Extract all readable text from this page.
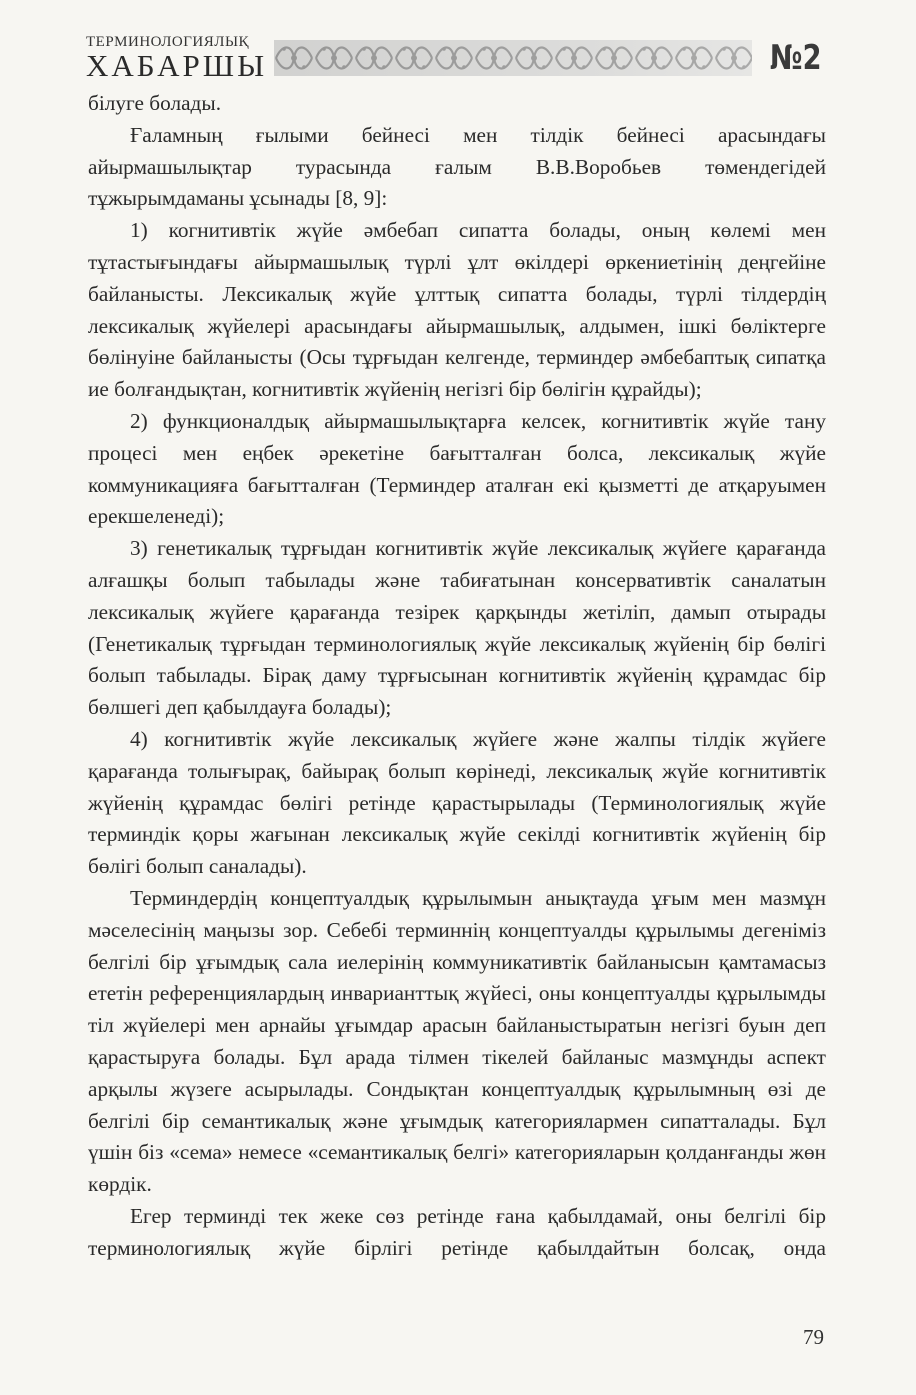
ТЕРМИНОЛОГИЯЛЫҚ
ХАБАРШЫ	№2

білуге болады.

Ғаламның ғылыми бейнесі мен тілдік бейнесі арасындағы айырмашылықтар турасында ғалым В.В.Воробьев төмендегідей тұжырымдаманы ұсынады [8, 9]:

1) когнитивтік жүйе әмбебап сипатта болады, оның көлемі мен тұтастығындағы айырмашылық түрлі ұлт өкілдері өркениетінің деңгейіне байланысты. Лексикалық жүйе ұлттық сипатта болады, түрлі тілдердің лексикалық жүйелері арасындағы айырмашылық, алдымен, ішкі бөліктерге бөлінуіне байланысты (Осы тұрғыдан келгенде, терминдер әмбебаптық сипатқа ие болғандықтан, когнитивтік жүйенің негізгі бір бөлігін құрайды);

2) функционалдық айырмашылықтарға келсек, когнитивтік жүйе тану процесі мен еңбек әрекетіне бағытталған болса, лексикалық жүйе коммуникацияға бағытталған (Терминдер аталған екі қызметті де атқаруымен ерекшеленеді);

3) генетикалық тұрғыдан когнитивтік жүйе лексикалық жүйеге қарағанда алғашқы болып табылады және табиғатынан консервативтік саналатын лексикалық жүйеге қарағанда тезірек қарқынды жетіліп, дамып отырады (Генетикалық тұрғыдан терминологиялық жүйе лексикалық жүйенің бір бөлігі болып табылады. Бірақ даму тұрғысынан когнитивтік жүйенің құрамдас бір бөлшегі деп қабылдауға болады);

4) когнитивтік жүйе лексикалық жүйеге және жалпы тілдік жүйеге қарағанда толығырақ, байырақ болып көрінеді, лексикалық жүйе когнитивтік жүйенің құрамдас бөлігі ретінде қарастырылады (Терминологиялық жүйе терминдік қоры жағынан лексикалық жүйе секілді когнитивтік жүйенің бір бөлігі болып саналады).

Терминдердің концептуалдық құрылымын анықтауда ұғым мен мазмұн мәселесінің маңызы зор. Себебі терминнің концептуалды құрылымы дегеніміз белгілі бір ұғымдық сала иелерінің коммуникативтік байланысын қамтамасыз ететін референциялардың инварианттық жүйесі, оны концептуалды құрылымды тіл жүйелері мен арнайы ұғымдар арасын байланыстыратын негізгі буын деп қарастыруға болады. Бұл арада тілмен тікелей байланыс мазмұнды аспект арқылы жүзеге асырылады. Сондықтан концептуалдық құрылымның өзі де белгілі бір семантикалық және ұғымдық категориялармен сипатталады. Бұл үшін біз «сема» немесе «семантикалық белгі» категорияларын қолданғанды жөн көрдік.

Егер терминді тек жеке сөз ретінде ғана қабылдамай, оны белгілі бір терминологиялық жүйе бірлігі ретінде қабылдайтын болсақ, онда

79
